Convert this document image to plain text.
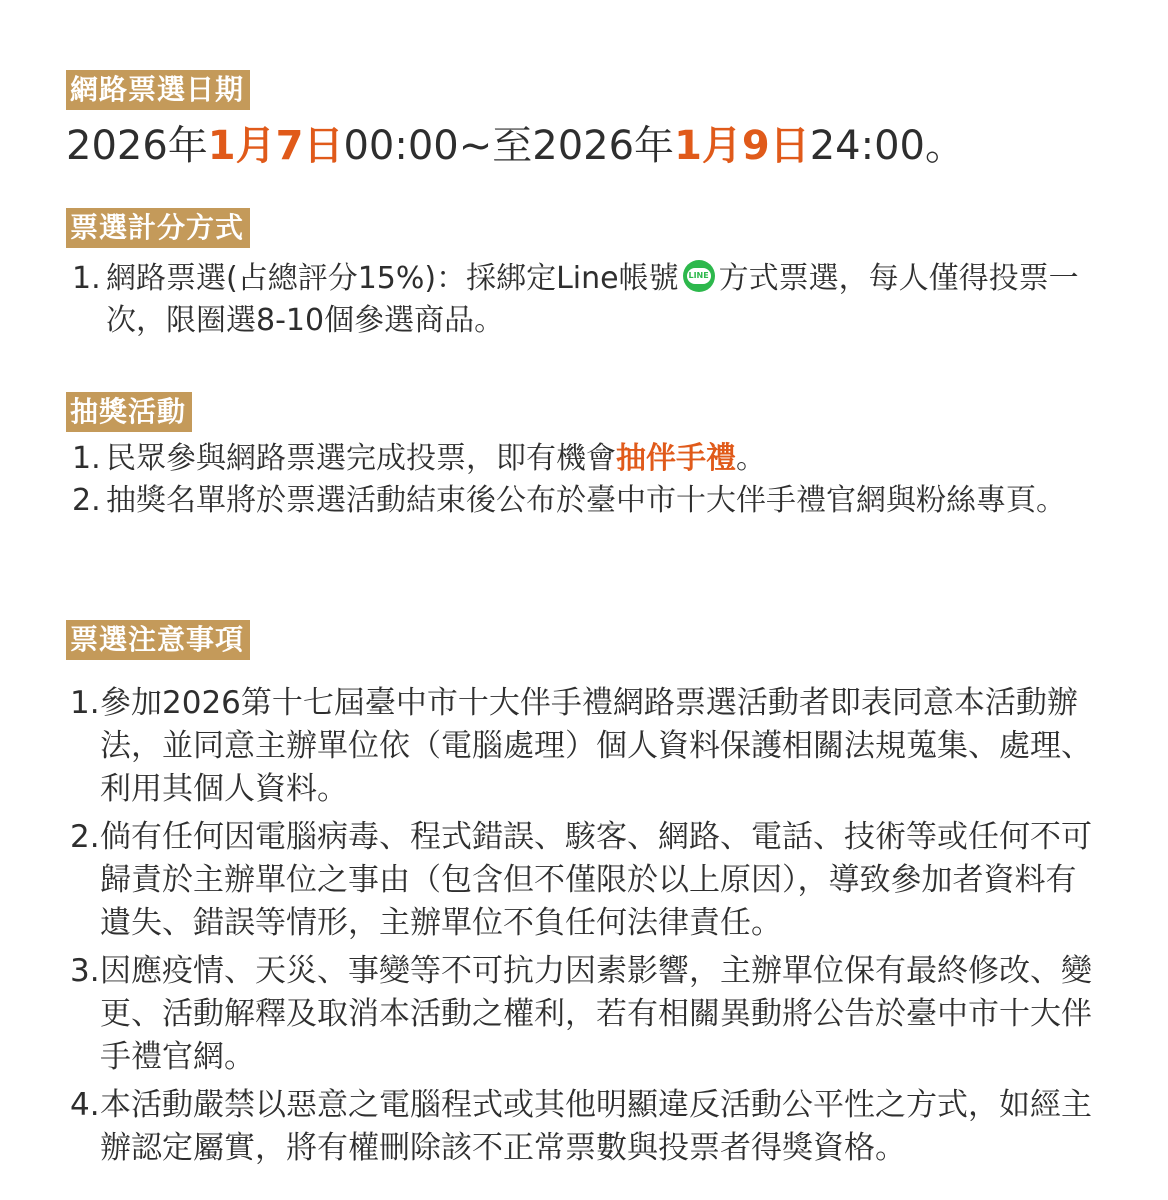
網路票選日期
2026年1月7日00:00~至2026年1月9日24:00。
票選計分方式
1. 網路票選(占總評分15%)：採綁定Line帳號LINE 方式票選，每人僅得投票一次，限圈選8-10個參選商品。
抽獎活動
1. 民眾參與網路票選完成投票，即有機會抽伴手禮。
2. 抽獎名單將於票選活動結束後公布於臺中市十大伴手禮官網與粉絲專頁。
票選注意事項
1. 參加2026第十七屆臺中市十大伴手禮網路票選活動者即表同意本活動辦法，並同意主辦單位依（電腦處理）個人資料保護相關法規蒐集、處理、利用其個人資料。
2. 倘有任何因電腦病毒、程式錯誤、駭客、網路、電話、技術等或任何不可歸責於主辦單位之事由（包含但不僅限於以上原因），導致參加者資料有遺失、錯誤等情形，主辦單位不負任何法律責任。
3. 因應疫情、天災、事變等不可抗力因素影響，主辦單位保有最終修改、變更、活動解釋及取消本活動之權利，若有相關異動將公告於臺中市十大伴手禮官網。
4. 本活動嚴禁以惡意之電腦程式或其他明顯違反活動公平性之方式，如經主辦認定屬實，將有權刪除該不正常票數與投票者得獎資格。
